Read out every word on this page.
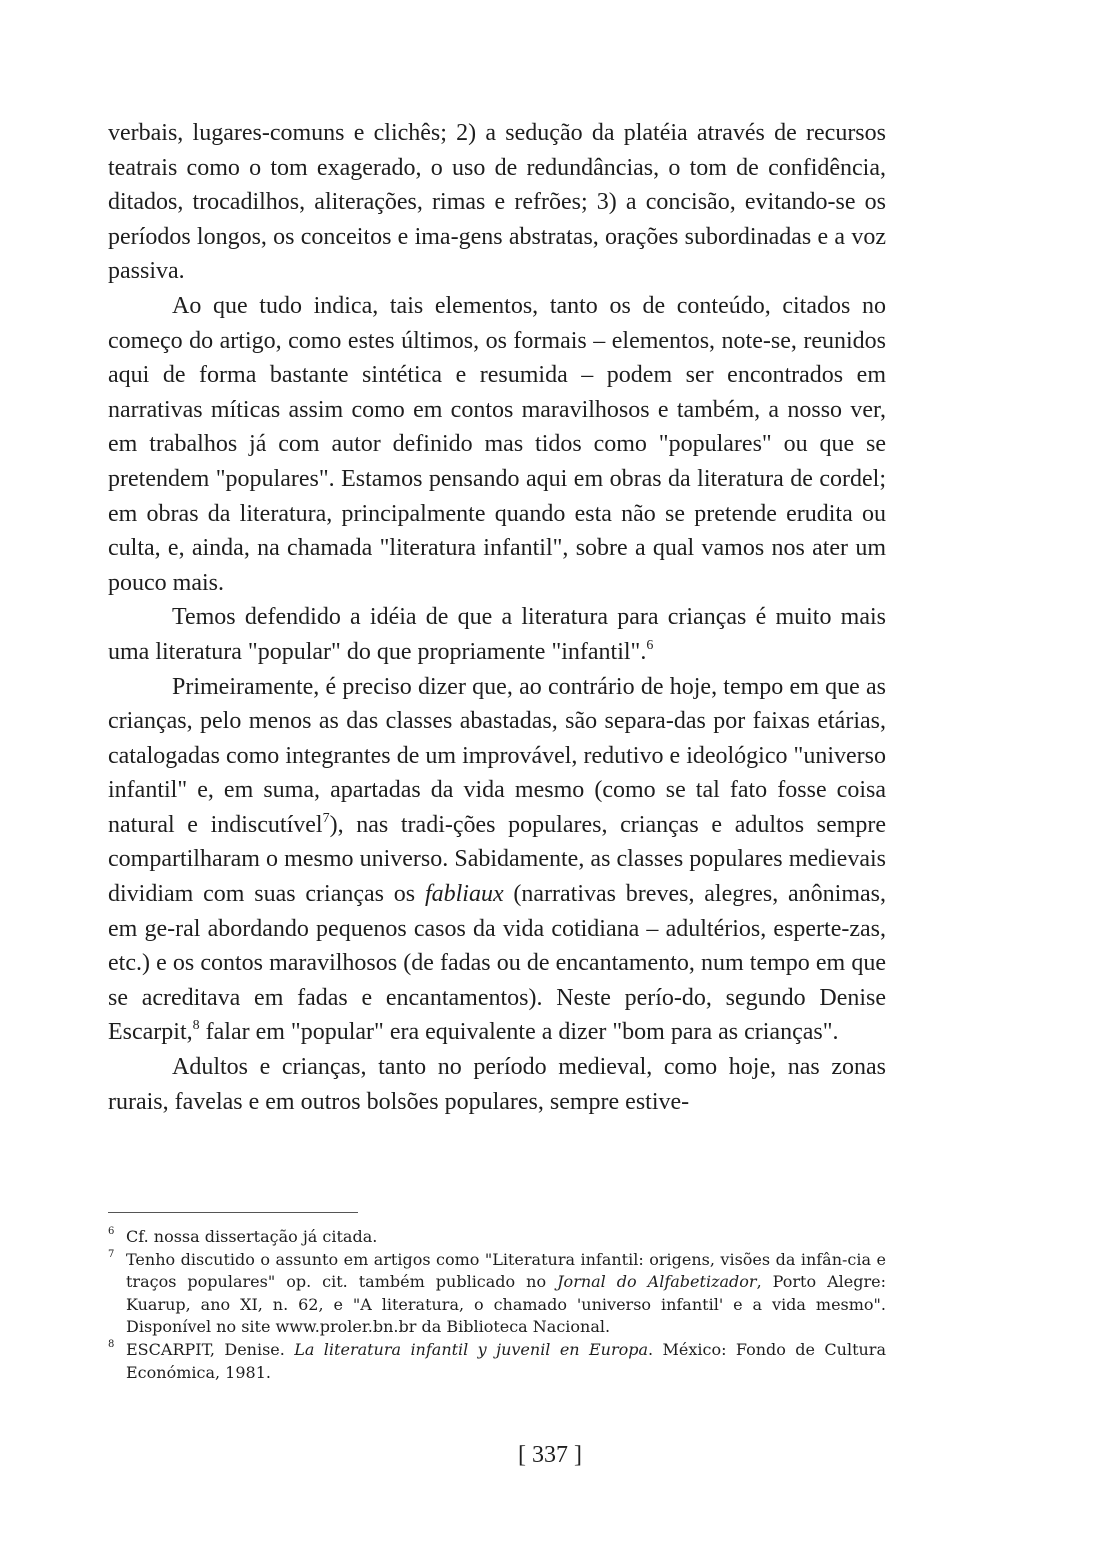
verbais, lugares-comuns e clichês; 2) a sedução da platéia através de recursos teatrais como o tom exagerado, o uso de redundâncias, o tom de confidência, ditados, trocadilhos, aliterações, rimas e refrões; 3) a concisão, evitando-se os períodos longos, os conceitos e ima-gens abstratas, orações subordinadas e a voz passiva.

Ao que tudo indica, tais elementos, tanto os de conteúdo, citados no começo do artigo, como estes últimos, os formais – elementos, note-se, reunidos aqui de forma bastante sintética e resumida – podem ser encontrados em narrativas míticas assim como em contos maravilhosos e também, a nosso ver, em trabalhos já com autor definido mas tidos como "populares" ou que se pretendem "populares". Estamos pensando aqui em obras da literatura de cordel; em obras da literatura, principalmente quando esta não se pretende erudita ou culta, e, ainda, na chamada "literatura infantil", sobre a qual vamos nos ater um pouco mais.

Temos defendido a idéia de que a literatura para crianças é muito mais uma literatura "popular" do que propriamente "infantil".$^6$

Primeiramente, é preciso dizer que, ao contrário de hoje, tempo em que as crianças, pelo menos as das classes abastadas, são separa-das por faixas etárias, catalogadas como integrantes de um improvável, redutivo e ideológico "universo infantil" e, em suma, apartadas da vida mesmo (como se tal fato fosse coisa natural e indiscutível$^7$), nas tradi-ções populares, crianças e adultos sempre compartilharam o mesmo universo. Sabidamente, as classes populares medievais dividiam com suas crianças os fabliaux (narrativas breves, alegres, anônimas, em ge-ral abordando pequenos casos da vida cotidiana – adultérios, esperte-zas, etc.) e os contos maravilhosos (de fadas ou de encantamento, num tempo em que se acreditava em fadas e encantamentos). Neste perío-do, segundo Denise Escarpit,$^8$ falar em "popular" era equivalente a dizer "bom para as crianças".

Adultos e crianças, tanto no período medieval, como hoje, nas zonas rurais, favelas e em outros bolsões populares, sempre estive-

6 Cf. nossa dissertação já citada.

7 Tenho discutido o assunto em artigos como "Literatura infantil: origens, visões da infân-cia e traços populares" op. cit. também publicado no Jornal do Alfabetizador, Porto Alegre: Kuarup, ano XI, n. 62, e "A literatura, o chamado 'universo infantil' e a vida mesmo". Disponível no site www.proler.bn.br da Biblioteca Nacional.

8 ESCARPIT, Denise. La literatura infantil y juvenil en Europa. México: Fondo de Cultura Económica, 1981.

[ 337 ]
